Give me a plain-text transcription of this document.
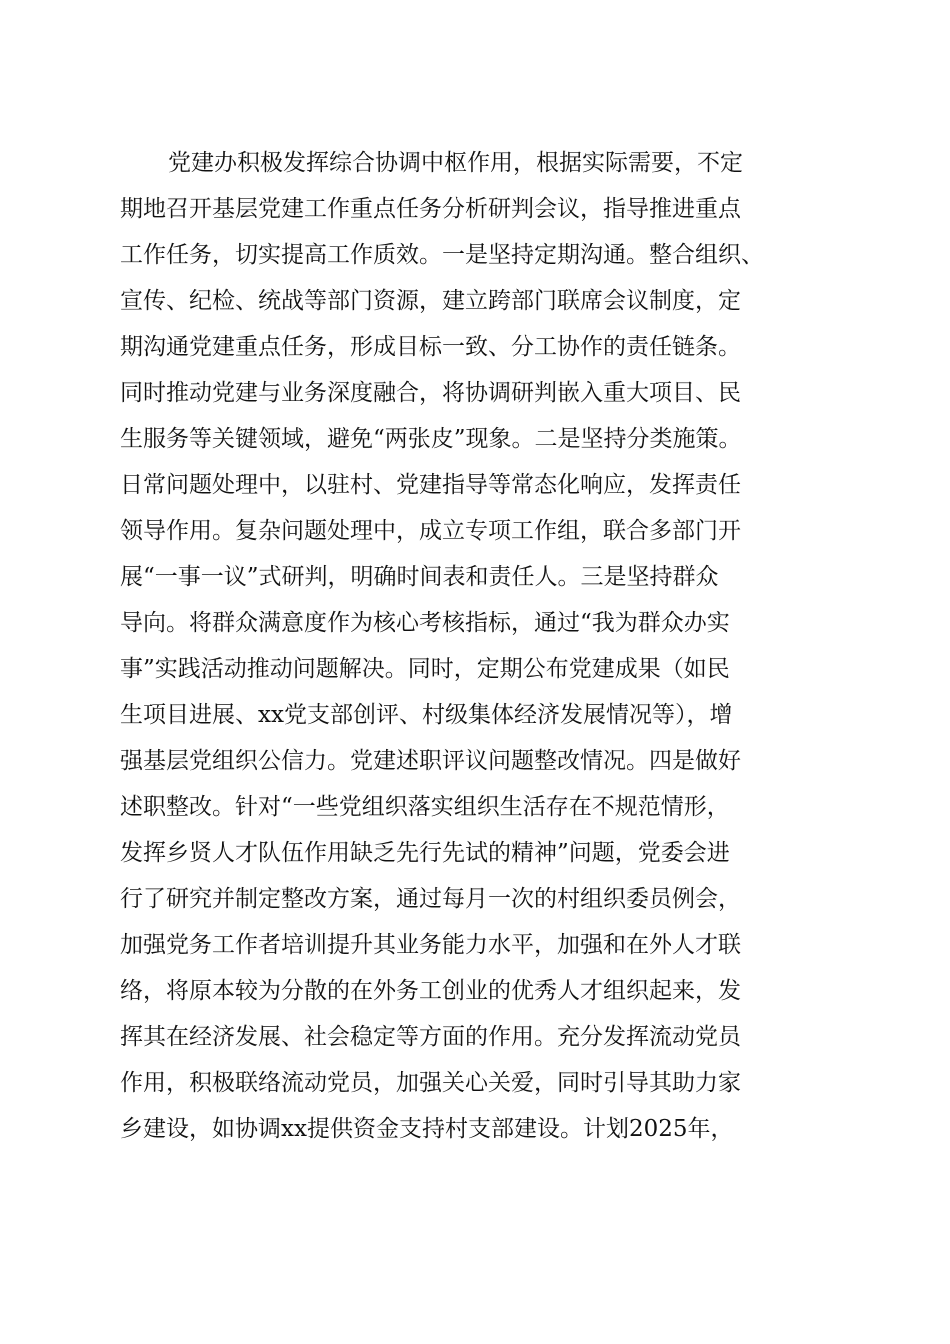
党建办积极发挥综合协调中枢作用，根据实际需要，不定
期地召开基层党建工作重点任务分析研判会议，指导推进重点
工作任务，切实提高工作质效。一是坚持定期沟通。整合组织、
宣传、纪检、统战等部门资源，建立跨部门联席会议制度，定
期沟通党建重点任务，形成目标一致、分工协作的责任链条。
同时推动党建与业务深度融合，将协调研判嵌入重大项目、民
生服务等关键领域，避免“两张皮”现象。二是坚持分类施策。
日常问题处理中，以驻村、党建指导等常态化响应，发挥责任
领导作用。复杂问题处理中，成立专项工作组，联合多部门开
展“一事一议”式研判，明确时间表和责任人。三是坚持群众
导向。将群众满意度作为核心考核指标，通过“我为群众办实
事”实践活动推动问题解决。同时，定期公布党建成果（如民
生项目进展、xx党支部创评、村级集体经济发展情况等），增
强基层党组织公信力。党建述职评议问题整改情况。四是做好
述职整改。针对“一些党组织落实组织生活存在不规范情形，
发挥乡贤人才队伍作用缺乏先行先试的精神”问题，党委会进
行了研究并制定整改方案，通过每月一次的村组织委员例会，
加强党务工作者培训提升其业务能力水平，加强和在外人才联
络，将原本较为分散的在外务工创业的优秀人才组织起来，发
挥其在经济发展、社会稳定等方面的作用。充分发挥流动党员
作用，积极联络流动党员，加强关心关爱，同时引导其助力家
乡建设，如协调xx提供资金支持村支部建设。计划2025年，
